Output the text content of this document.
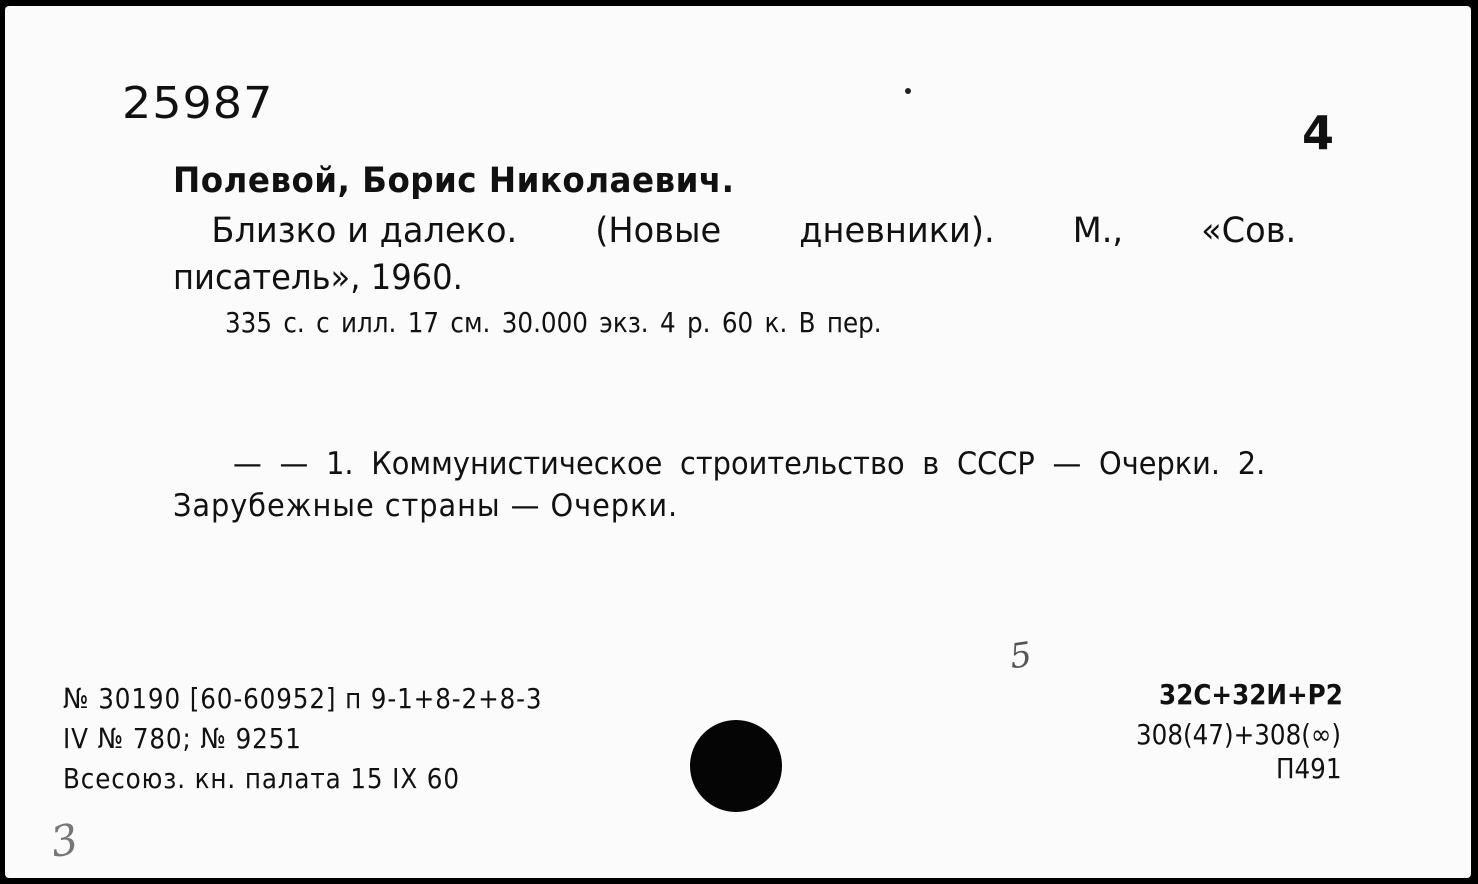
25987
4
Полевой, Борис Николаевич.
Близко и далеко. (Новые дневники). М., «Сов.
писатель», 1960.
335 с. с илл. 17 см. 30.000 экз. 4 р. 60 к. В пер.
— — 1. Коммунистическое строительство в СССР — Очерки. 2.
Зарубежные страны — Очерки.
№ 30190 [60-60952] п 9-1+8-2+8-3
IV № 780; № 9251
Всесоюз. кн. палата 15 IX 60
5
32С+32И+Р2
308(47)+308(∞)
П491
3
